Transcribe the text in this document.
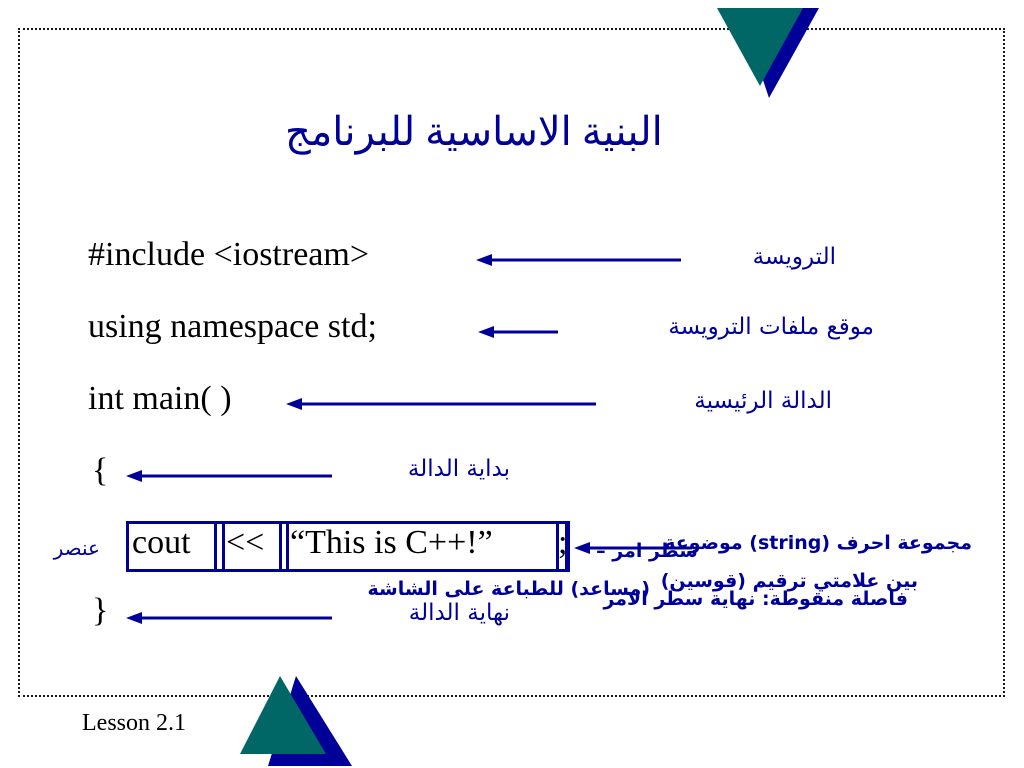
البنية الاساسية للبرنامج
#include <iostream>
using namespace std;
int main( )
{
}
cout << “This is C++!” ;
الترويسة
موقع ملفات الترويسة
الدالة الرئيسية
بداية الدالة
نهاية الدالة
عنصر	مجموعة احرف (string) موضوعة
سطر امر –
بين علامتي ترقيم (قوسين)
فاصلة منقوطة: نهاية سطر الامر
(مساعد) للطباعة على الشاشة
Lesson 2.1
